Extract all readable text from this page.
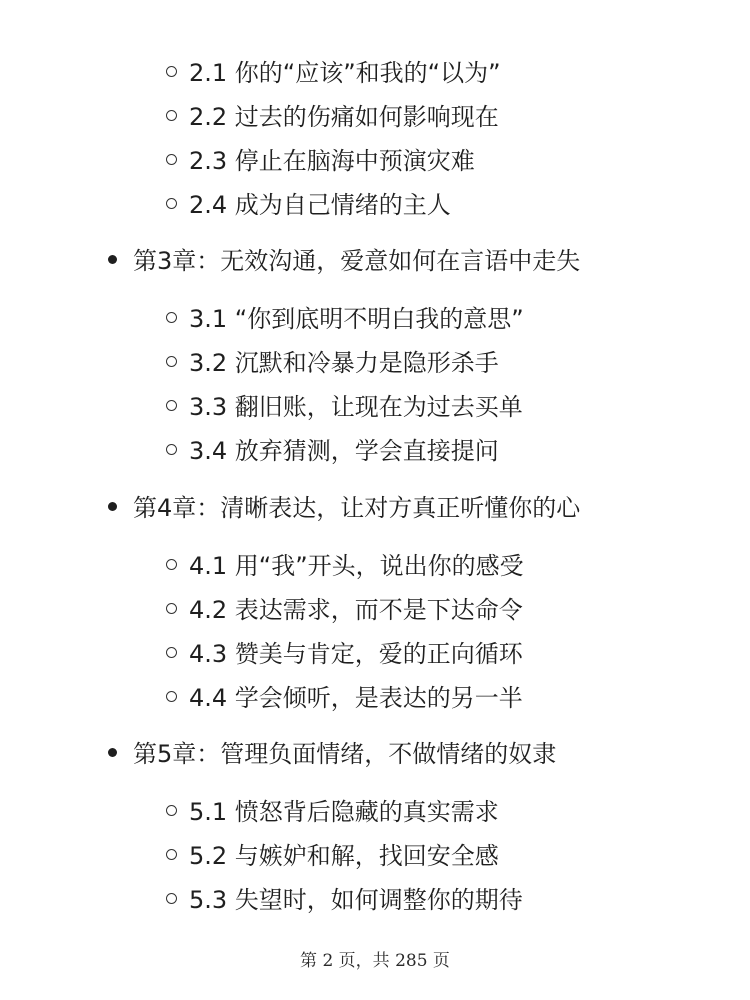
2.1 你的“应该”和我的“以为”
2.2 过去的伤痛如何影响现在
2.3 停止在脑海中预演灾难
2.4 成为自己情绪的主人
第3章：无效沟通，爱意如何在言语中走失
3.1 “你到底明不明白我的意思”
3.2 沉默和冷暴力是隐形杀手
3.3 翻旧账，让现在为过去买单
3.4 放弃猜测，学会直接提问
第4章：清晰表达，让对方真正听懂你的心
4.1 用“我”开头，说出你的感受
4.2 表达需求，而不是下达命令
4.3 赞美与肯定，爱的正向循环
4.4 学会倾听，是表达的另一半
第5章：管理负面情绪，不做情绪的奴隶
5.1 愤怒背后隐藏的真实需求
5.2 与嫉妒和解，找回安全感
5.3 失望时，如何调整你的期待
第 2 页，共 285 页
